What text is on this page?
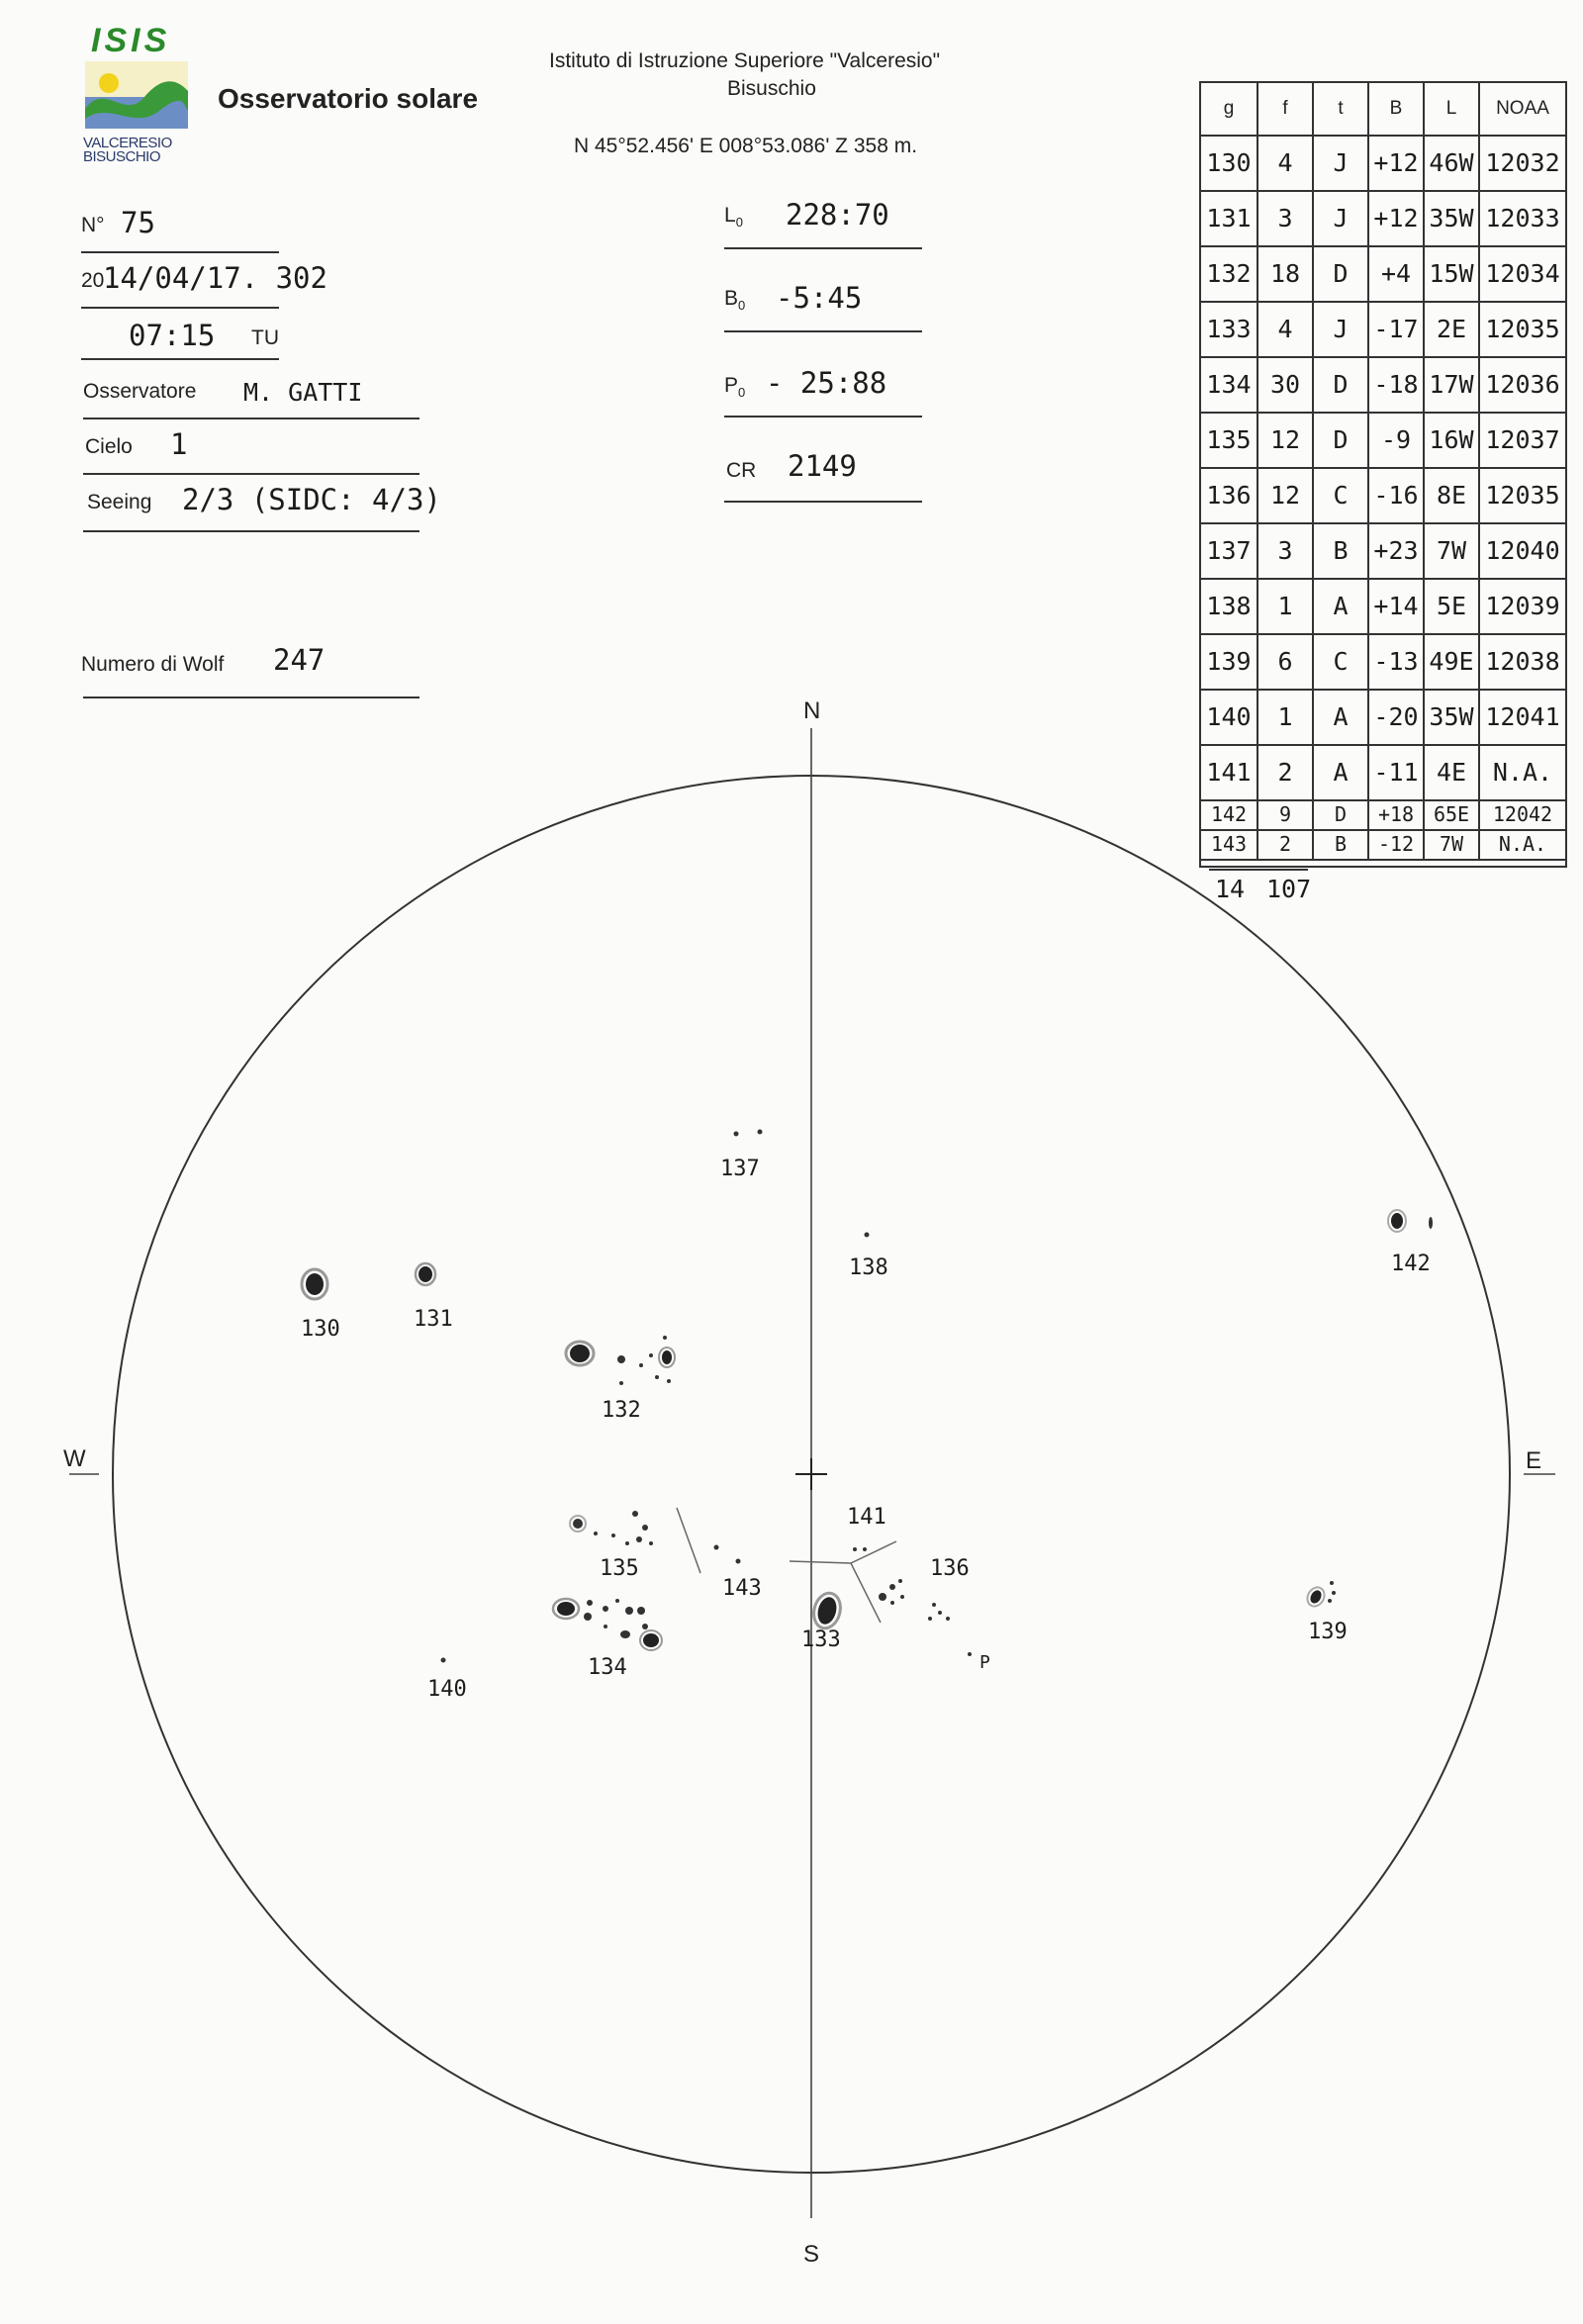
ISIS
VALCERESIO
BISUSCHIO
Osservatorio solare
Istituto di Istruzione Superiore "Valceresio"
Bisuschio
N 45°52.456' E 008°53.086' Z 358 m.
N° 75
20
14/04/17. 302
07:15 TU
Osservatore M. GATTI
Cielo 1
Seeing 2/3 (SIDC: 4/3)
Numero di Wolf 247
$L_0$ 228:70
$B_0$ -5:45
$P_0$ - 25:88
CR 2149
g	f	t	B	L	NOAA
130	4	J	+12 46W 12032
131	3	J	+12 35W 12033
132 18	D	+4 15W 12034
133	4	J	-17 2E 12035
134 30	D	-18 17W 12036
135 12	D	-9 16W 12037
136 12	C	-16 8E 12035
137	3	B	+23 7W 12040
138	1	A	+14 5E 12039
139	6	C	-13 49E 12038
140	1	A	-20 35W 12041
141	2	A	-11 4E	N.A.
142	9	D	+18 65E	12042
143	2	B	-12	7W	N.A.
14 107
N
S
W	E
P
130	131
132
133
134
135	136
137
138
139
140
141
142
143
